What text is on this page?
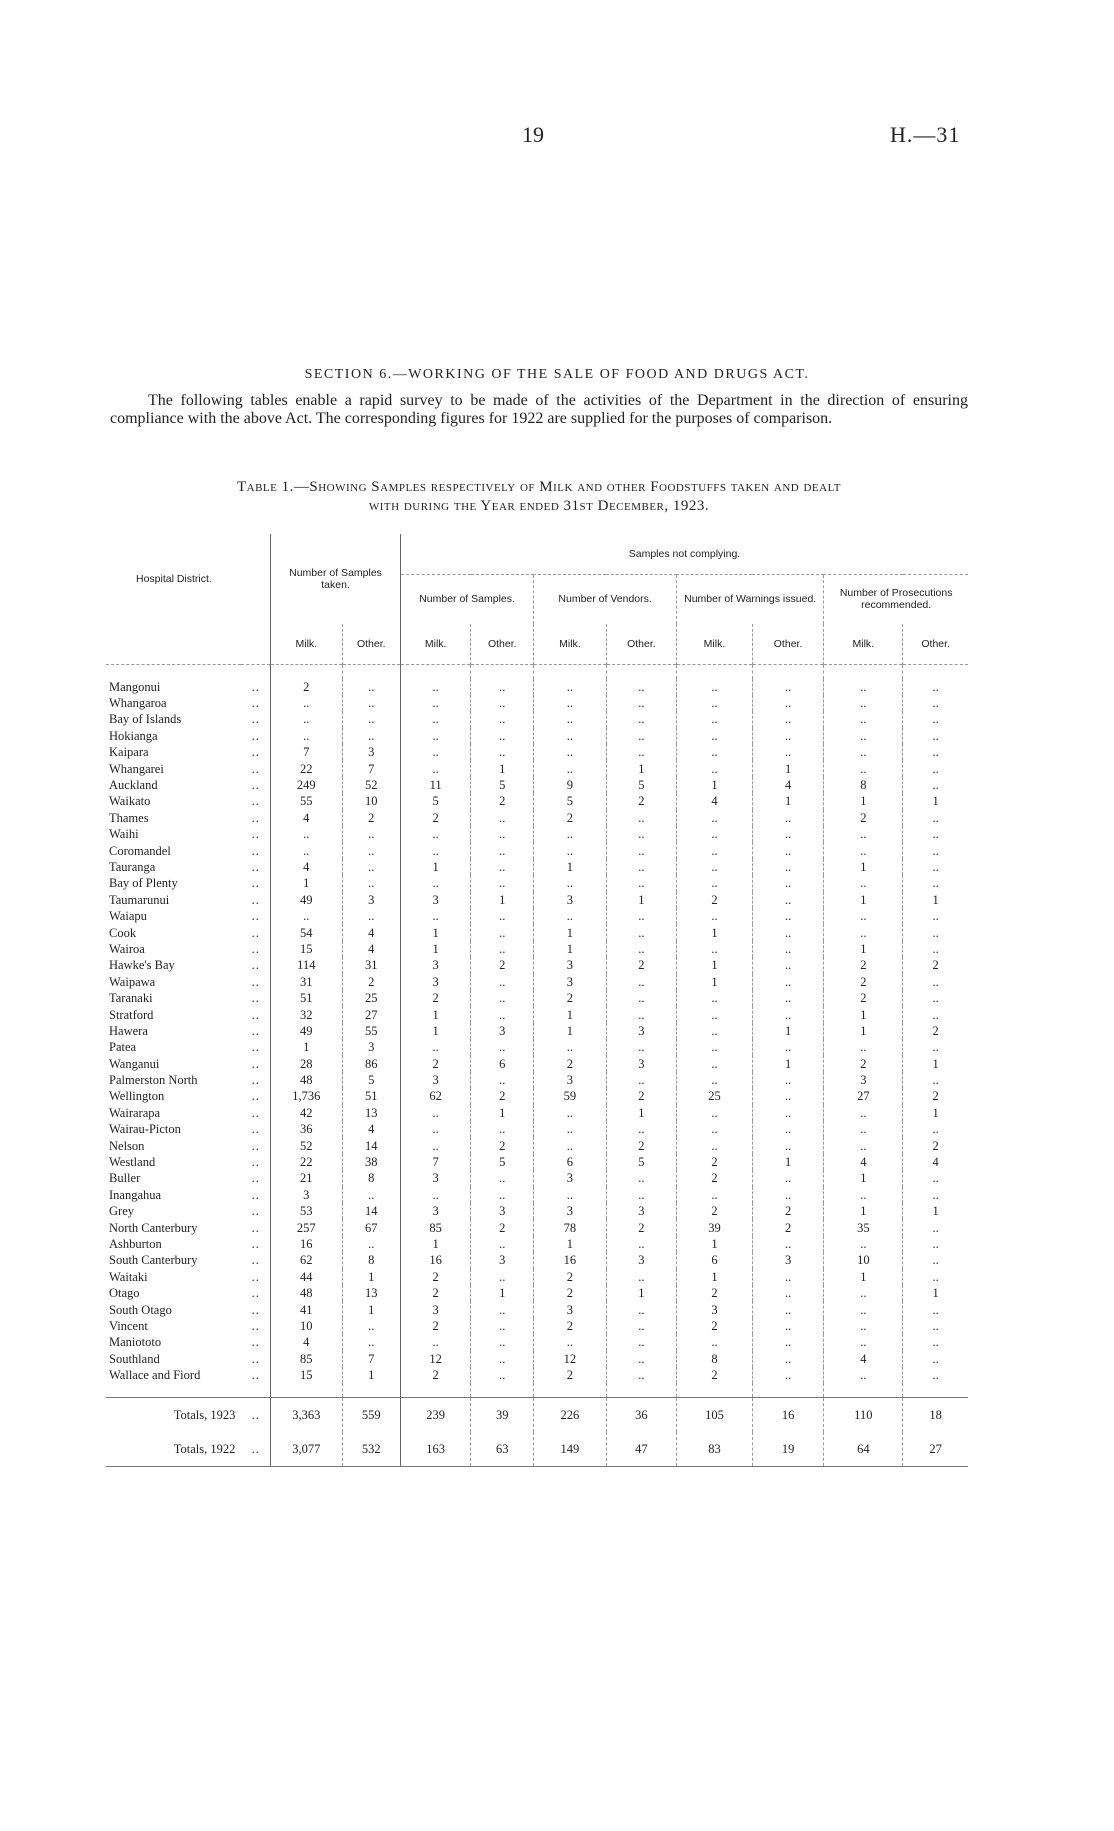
19	H.—31
SECTION 6.—WORKING OF THE SALE OF FOOD AND DRUGS ACT.
The following tables enable a rapid survey to be made of the activities of the Department in the direction of ensuring compliance with the above Act. The corresponding figures for 1922 are supplied for the purposes of comparison.
Table 1.—Showing Samples respectively of Milk and other Foodstuffs taken and dealt
with during the Year ended 31st December, 1923.
Hospital District.		Number of Samples taken.		Samples not complying.							
				Number of Samples.		Number of Vendors.		Number of Warnings issued.		Number of Prosecutions recommended.	
		Milk.	Other.	Milk.	Other.	Milk.	Other.	Milk.	Other.	Milk.	Other.

Mangonui	..	2	..	..	..	..	..	..	..	..	..
Whangaroa	..	..	..	..	..	..	..	..	..	..	..
Bay of Islands	..	..	..	..	..	..	..	..	..	..	..
Hokianga	..	..	..	..	..	..	..	..	..	..	..
Kaipara	..	7	3	..	..	..	..	..	..	..	..
Whangarei	..	22	7	..	1	..	1	..	1	..	..
Auckland	..	249	52	11	5	9	5	1	4	8	..
Waikato	..	55	10	5	2	5	2	4	1	1	1
Thames	..	4	2	2	..	2	..	..	..	2	..
Waihi	..	..	..	..	..	..	..	..	..	..	..
Coromandel	..	..	..	..	..	..	..	..	..	..	..
Tauranga	..	4	..	1	..	1	..	..	..	1	..
Bay of Plenty	..	1	..	..	..	..	..	..	..	..	..
Taumarunui	..	49	3	3	1	3	1	2	..	1	1
Waiapu	..	..	..	..	..	..	..	..	..	..	..
Cook	..	54	4	1	..	1	..	1	..	..	..
Wairoa	..	15	4	1	..	1	..	..	..	1	..
Hawke's Bay	..	114	31	3	2	3	2	1	..	2	2
Waipawa	..	31	2	3	..	3	..	1	..	2	..
Taranaki	..	51	25	2	..	2	..	..	..	2	..
Stratford	..	32	27	1	..	1	..	..	..	1	..
Hawera	..	49	55	1	3	1	3	..	1	1	2
Patea	..	1	3	..	..	..	..	..	..	..	..
Wanganui	..	28	86	2	6	2	3	..	1	2	1
Palmerston North	..	48	5	3	..	3	..	..	..	3	..
Wellington	..	1,736	51	62	2	59	2	25	..	27	2
Wairarapa	..	42	13	..	1	..	1	..	..	..	1
Wairau-Picton	..	36	4	..	..	..	..	..	..	..	..
Nelson	..	52	14	..	2	..	2	..	..	..	2
Westland	..	22	38	7	5	6	5	2	1	4	4
Buller	..	21	8	3	..	3	..	2	..	1	..
Inangahua	..	3	..	..	..	..	..	..	..	..	..
Grey	..	53	14	3	3	3	3	2	2	1	1
North Canterbury	..	257	67	85	2	78	2	39	2	35	..
Ashburton	..	16	..	1	..	1	..	1	..	..	..
South Canterbury	..	62	8	16	3	16	3	6	3	10	..
Waitaki	..	44	1	2	..	2	..	1	..	1	..
Otago	..	48	13	2	1	2	1	2	..	..	1
South Otago	..	41	1	3	..	3	..	3	..	..	..
Vincent	..	10	..	2	..	2	..	2	..	..	..
Maniototo	..	4	..	..	..	..	..	..	..	..	..
Southland	..	85	7	12	..	12	..	8	..	4	..
Wallace and Fiord	..	15	1	2	..	2	..	2	..	..	..

Totals, 1923	..	3,363	559	239	39	226	36	105	16	110	18
Totals, 1922	..	3,077	532	163	63	149	47	83	19	64	27
